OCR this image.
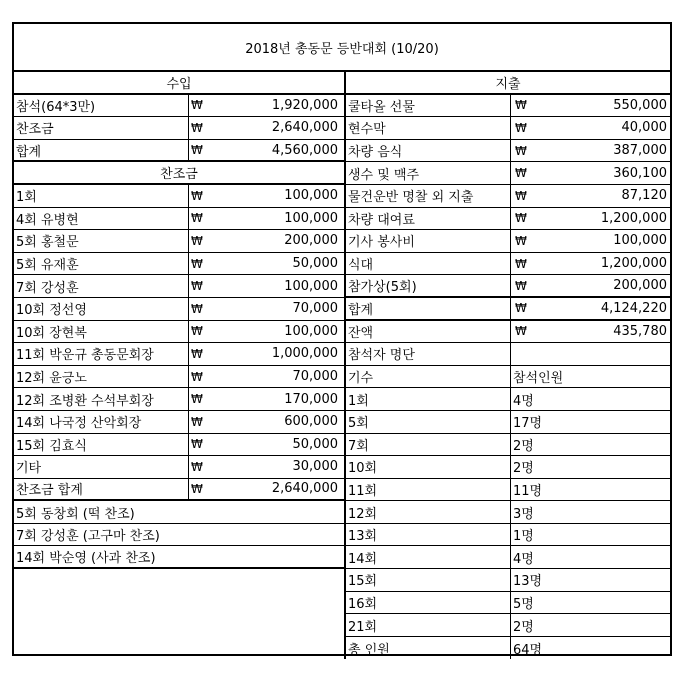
2018년 총동문 등반대회 (10/20)
수입
참석(64*3만)	₩	1,920,000
찬조금	₩	2,640,000
합계	₩	4,560,000
찬조금
1회	₩	100,000
4회 유병현	₩	100,000
5회 홍철문	₩	200,000
5회 유재훈	₩	50,000
7회 강성훈	₩	100,000
10회 정선영	₩	70,000
10회 장현복	₩	100,000
11회 박운규 총동문회장	₩	1,000,000
12회 윤긍노	₩	70,000
12회 조병환 수석부회장	₩	170,000
14회 나국정 산악회장	₩	600,000
15회 김효식	₩	50,000
기타	₩	30,000
찬조금 합계	₩	2,640,000
5회 동창회 (떡 찬조)
7회 강성훈 (고구마 찬조)
14회 박순영 (사과 찬조)
지출
쿨타올 선물	₩	550,000
현수막	₩	40,000
차량 음식	₩	387,000
생수 및 맥주	₩	360,100
물건운반 명찰 외 지출	₩	87,120
차량 대여료	₩	1,200,000
기사 봉사비	₩	100,000
식대	₩	1,200,000
참가상(5회)	₩	200,000
합계	₩	4,124,220
잔액	₩	435,780
참석자 명단
기수	참석인원
1회	4명
5회	17명
7회	2명
10회	2명
11회	11명
12회	3명
13회	1명
14회	4명
15회	13명
16회	5명
21회	2명
총 인원	64명
